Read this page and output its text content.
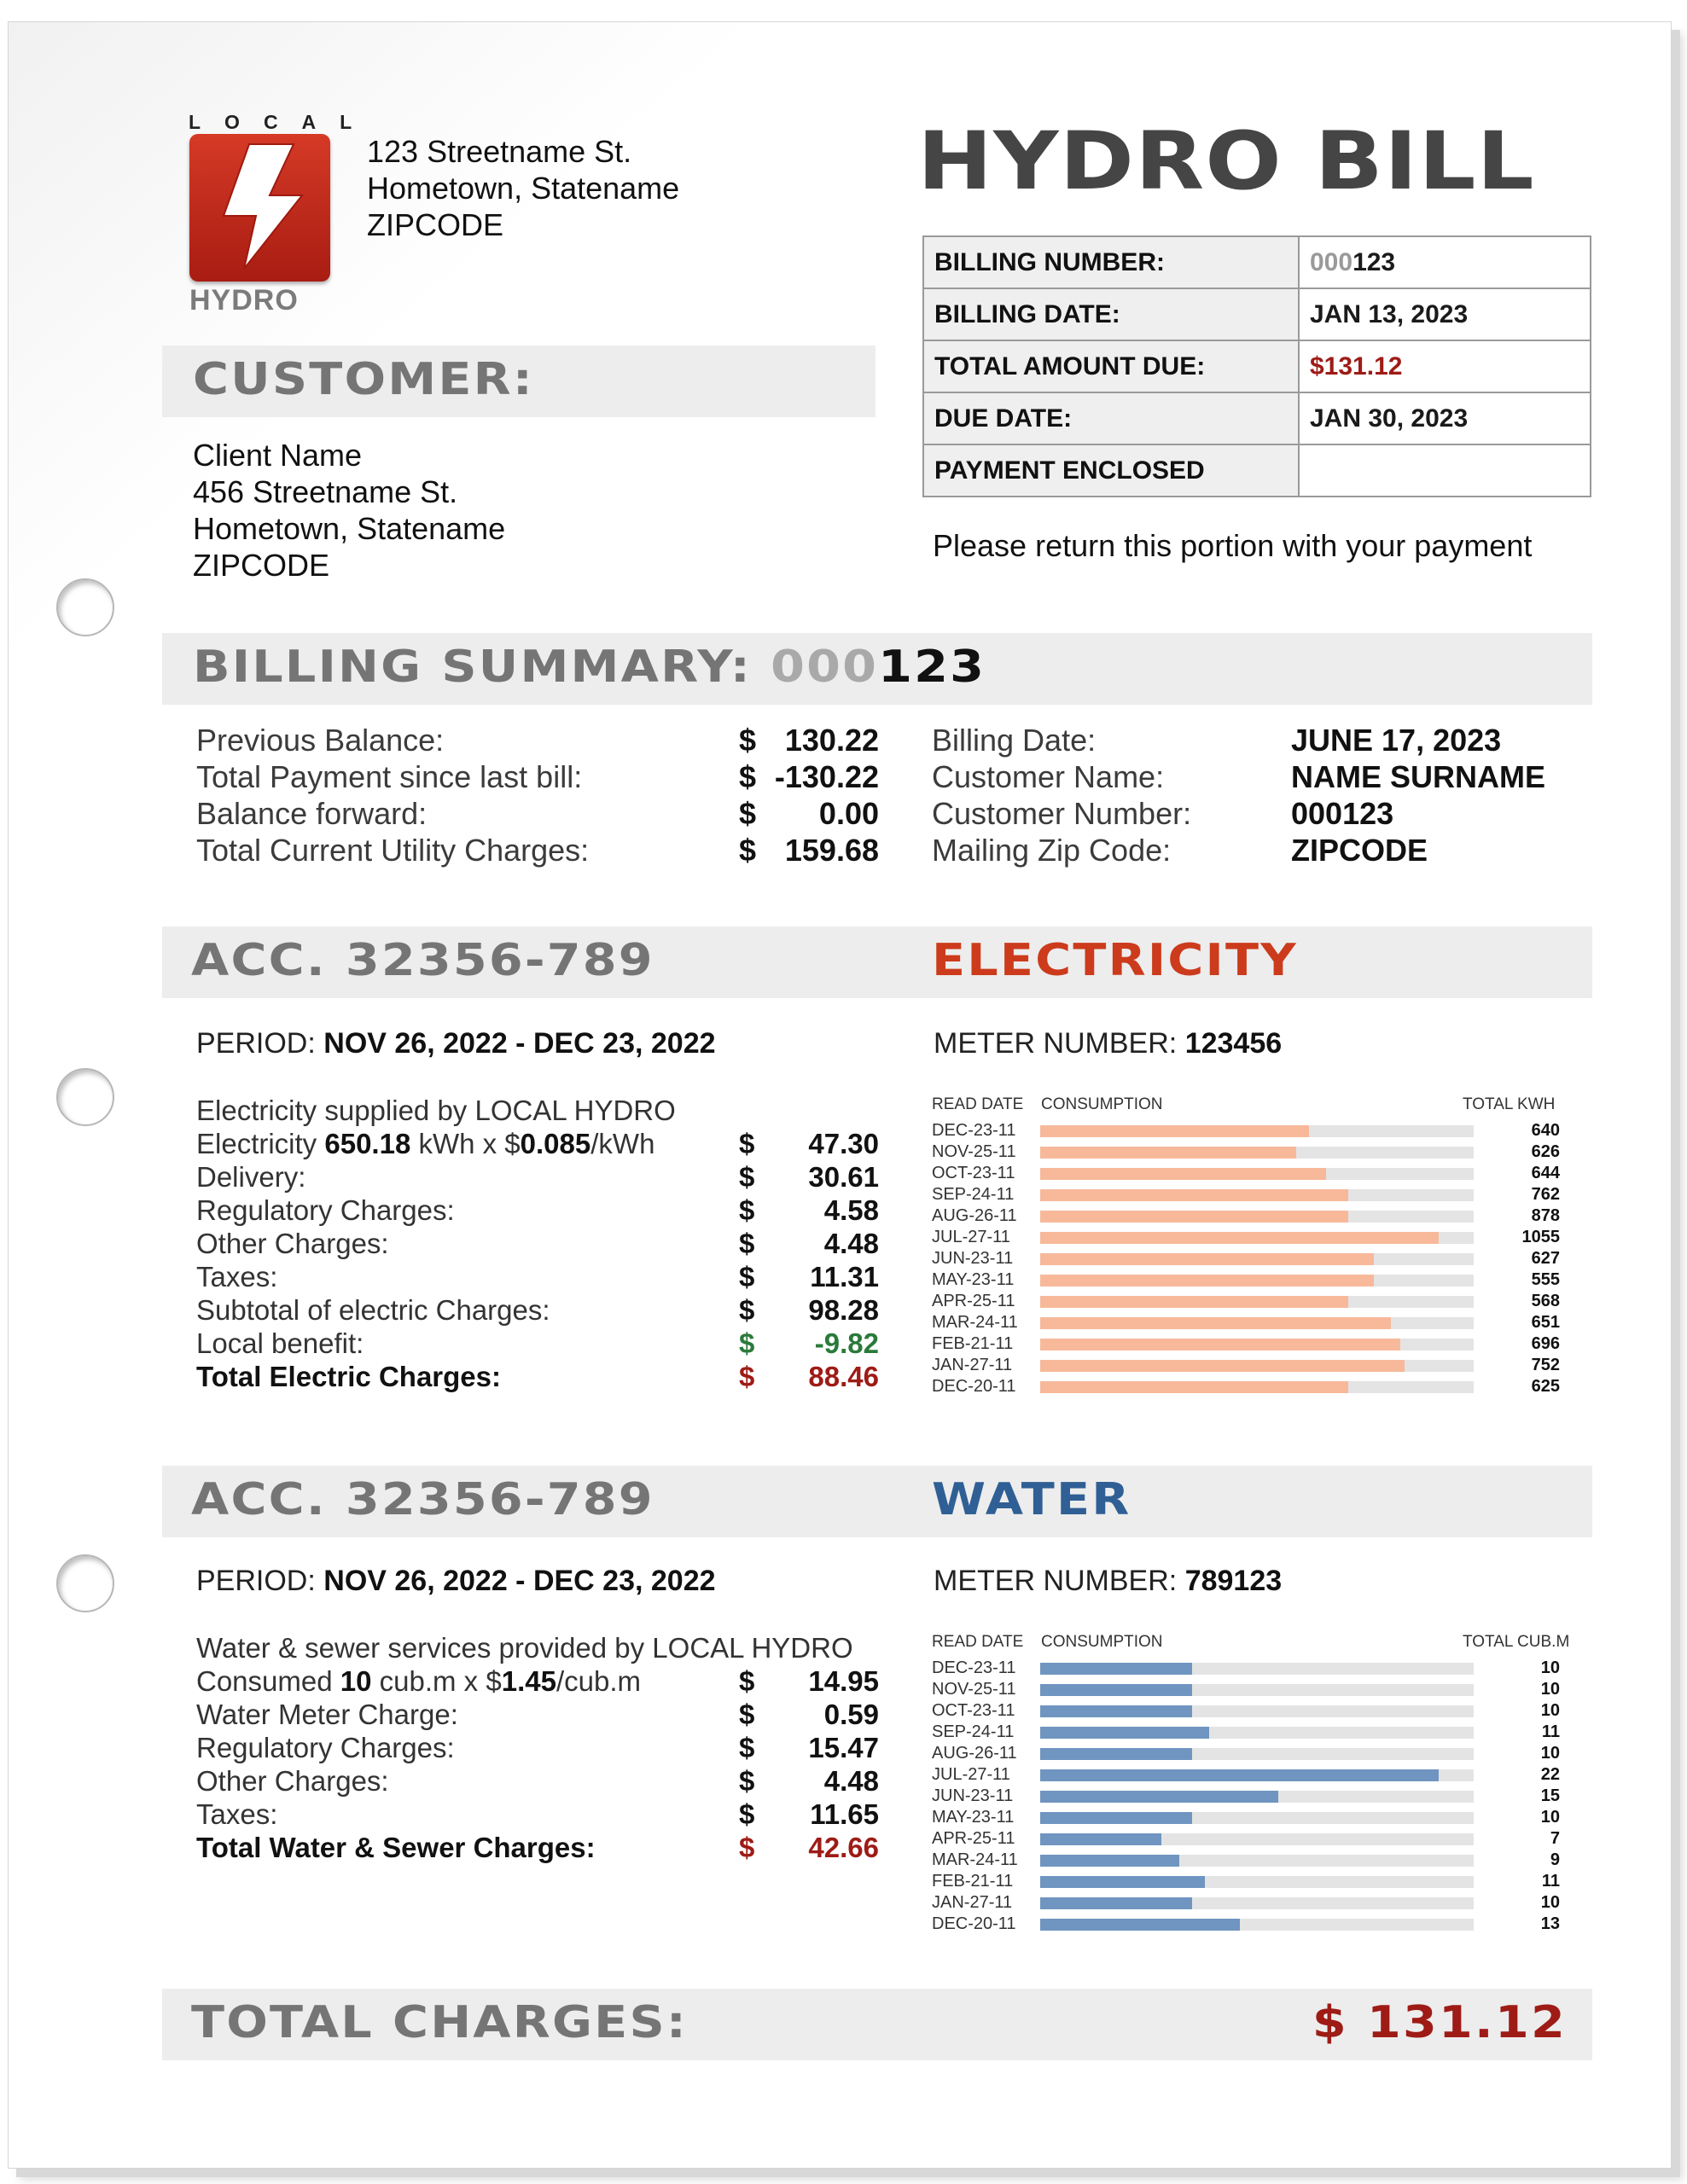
LOCAL
HYDRO
123 Streetname St.
Hometown, Statename
ZIPCODE
HYDRO BILL
BILLING NUMBER:	000123
BILLING DATE:	JAN 13, 2023
TOTAL AMOUNT DUE:	$131.12
DUE DATE:	JAN 30, 2023
PAYMENT ENCLOSED	
Please return this portion with your payment
CUSTOMER:
Client Name
456 Streetname St.
Hometown, Statename
ZIPCODE
BILLING SUMMARY: 000123
Previous Balance:	$ 130.22
Total Payment since last bill:	$ -130.22
Balance forward:	$ 0.00
Total Current Utility Charges:	$ 159.68
Billing Date:	JUNE 17, 2023
Customer Name:	NAME SURNAME
Customer Number:	000123
Mailing Zip Code:	ZIPCODE
ACC. 32356-789	ELECTRICITY
PERIOD: NOV 26, 2022 - DEC 23, 2022	METER NUMBER: 123456
Electricity supplied by LOCAL HYDRO
Electricity 650.18 kWh x $0.085/kWh	$ 47.30
Delivery:	$ 30.61
Regulatory Charges:	$ 4.58
Other Charges:	$ 4.48
Taxes:	$ 11.31
Subtotal of electric Charges:	$ 98.28
Local benefit:	$ -9.82
Total Electric Charges:	$ 88.46
READ DATE CONSUMPTION	TOTAL KWH
DEC-23-11	640
NOV-25-11	626
OCT-23-11	644
SEP-24-11	762
AUG-26-11	878
JUL-27-11	1055
JUN-23-11	627
MAY-23-11	555
APR-25-11	568
MAR-24-11	651
FEB-21-11	696
JAN-27-11	752
DEC-20-11	625
ACC. 32356-789	WATER
PERIOD: NOV 26, 2022 - DEC 23, 2022	METER NUMBER: 789123
Water & sewer services provided by LOCAL HYDRO
Consumed 10 cub.m x $1.45/cub.m	$ 14.95
Water Meter Charge:	$ 0.59
Regulatory Charges:	$ 15.47
Other Charges:	$ 4.48
Taxes:	$ 11.65
Total Water & Sewer Charges:	$ 42.66
READ DATE CONSUMPTION	TOTAL CUB.M
DEC-23-11	10
NOV-25-11	10
OCT-23-11	10
SEP-24-11	11
AUG-26-11	10
JUL-27-11	22
JUN-23-11	15
MAY-23-11	10
APR-25-11	7
MAR-24-11	9
FEB-21-11	11
JAN-27-11	10
DEC-20-11	13
TOTAL CHARGES:	$ 131.12
